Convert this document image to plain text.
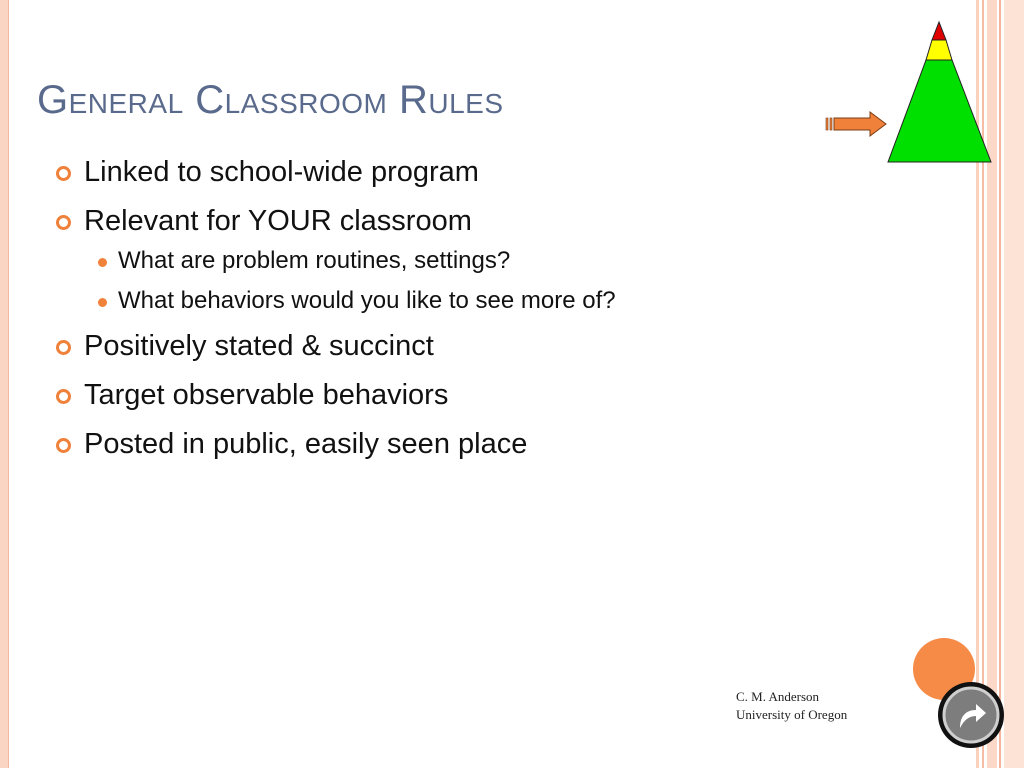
General Classroom Rules
Linked to school-wide program
Relevant for YOUR classroom
What are problem routines, settings?
What behaviors would you like to see more of?
Positively stated & succinct
Target observable behaviors
Posted in public, easily seen place
C. M. Anderson
University of Oregon
